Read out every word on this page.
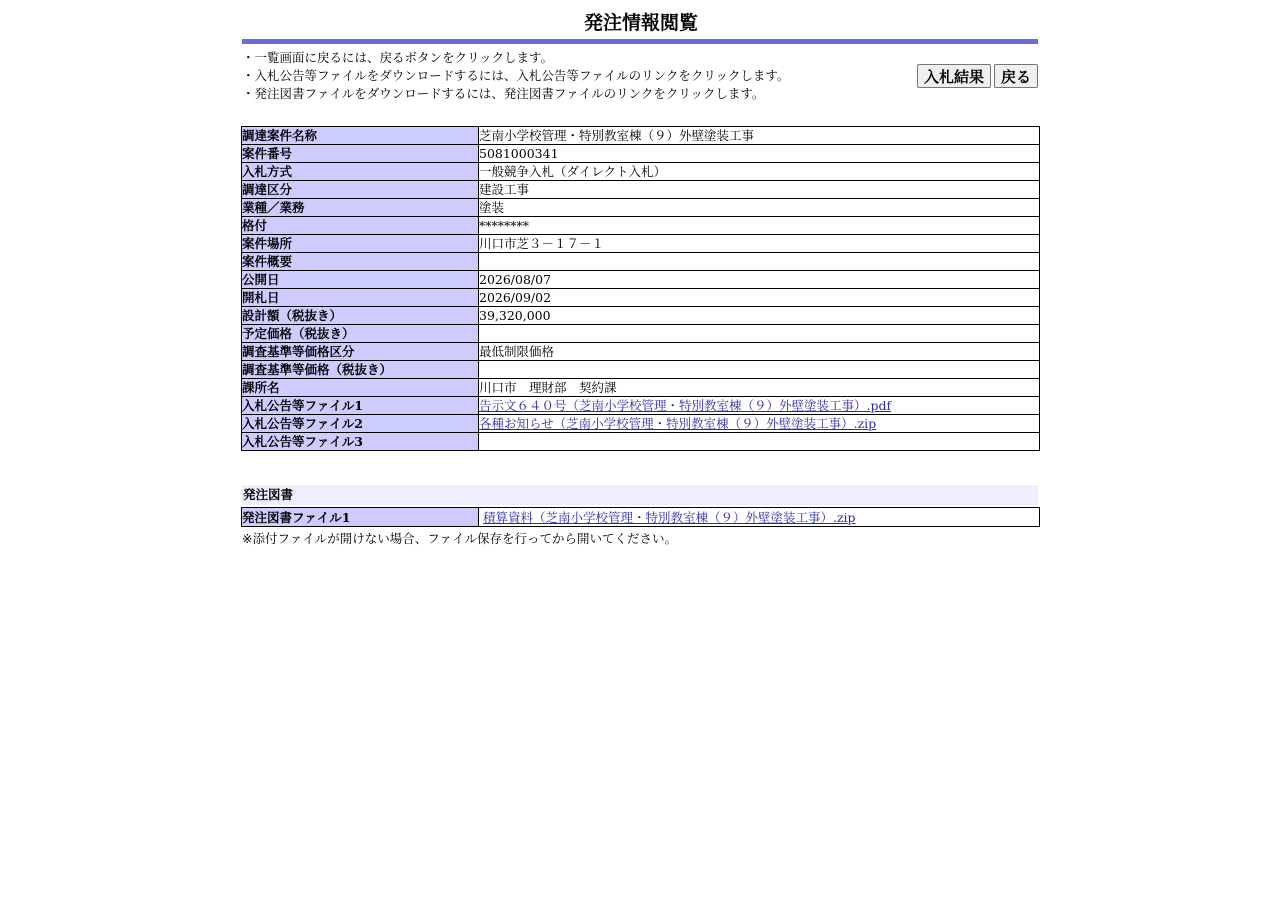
発注情報閲覧
・一覧画面に戻るには、戻るボタンをクリックします。
・入札公告等ファイルをダウンロードするには、入札公告等ファイルのリンクをクリックします。
・発注図書ファイルをダウンロードするには、発注図書ファイルのリンクをクリックします。
入札結果	戻る
調達案件名称	芝南小学校管理・特別教室棟（９）外壁塗装工事
案件番号	5081000341
入札方式	一般競争入札（ダイレクト入札）
調達区分	建設工事
業種／業務	塗装
格付	********
案件場所	川口市芝３－１７－１
案件概要	
公開日	2026/08/07
開札日	2026/09/02
設計額（税抜き）	39,320,000
予定価格（税抜き）	
調査基準等価格区分	最低制限価格
調査基準等価格（税抜き）	
課所名	川口市　理財部　契約課
入札公告等ファイル1	告示文６４０号（芝南小学校管理・特別教室棟（９）外壁塗装工事）.pdf
入札公告等ファイル2	各種お知らせ（芝南小学校管理・特別教室棟（９）外壁塗装工事）.zip
入札公告等ファイル3	
発注図書
発注図書ファイル1	積算資料（芝南小学校管理・特別教室棟（９）外壁塗装工事）.zip
※添付ファイルが開けない場合、ファイル保存を行ってから開いてください。
